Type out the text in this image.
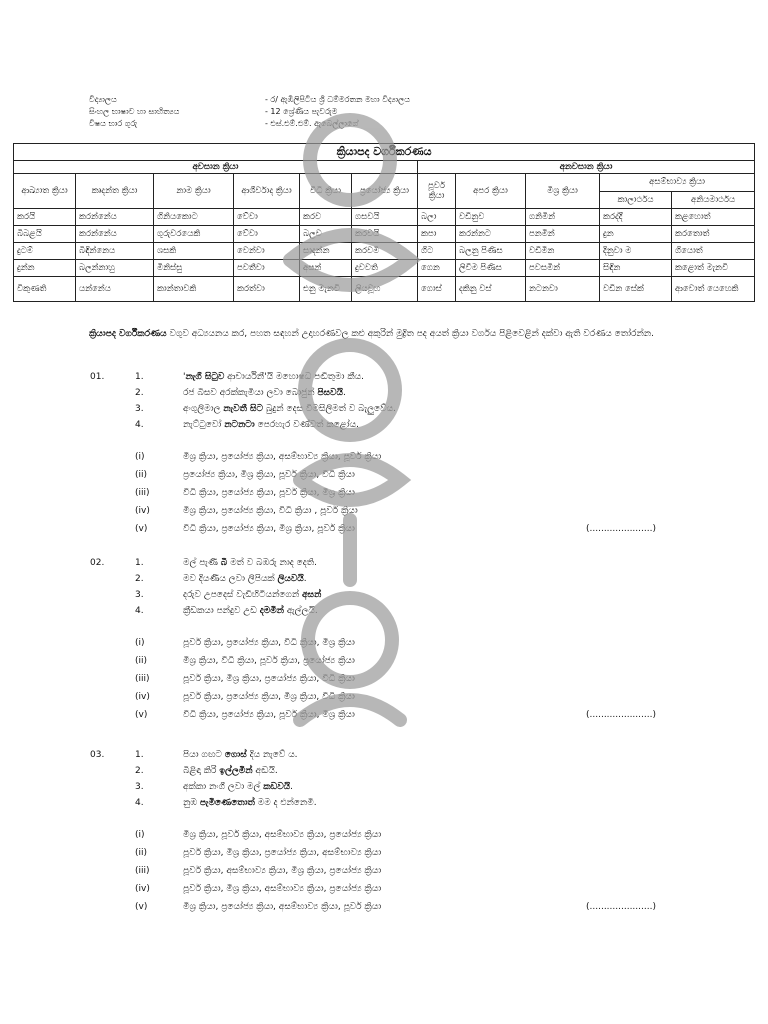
විද්‍යාලය	- ර/ ඇඹිලිපිටිය ශ්‍රී ධම්මරතන මහා විද්‍යාලය
සිංහල භාෂාව හා සාහිත්‍යය	- 12 ශ්‍රේණිය පැවරුම
විෂය භාර ගුරු	- එස්.එම්.එම්. ඇබෙල්ලාගේ
ක්‍රියාපද වර්ගීකරණය										
අවසාන ක්‍රියා						අනවසාන ක්‍රියා				
ආඛ්‍යාත ක්‍රියා	කෘදන්ත ක්‍රියා	නාම ක්‍රියා	ආශීර්වාද ක්‍රියා	විධි ක්‍රියා	ප්‍රයෝජ්‍ය ක්‍රියා	පූර්ව ක්‍රියා	අපර ක්‍රියා	මිශ්‍ර ක්‍රියා	අසම්භාව්‍ය ක්‍රියා	
									කාලාර්ථය	අනියමාර්ථය
කරයි	කරන්නේය	ගිනියකොට	වේවා	කරව	ගසවයි	බලා	වඩිනුව	ගනිමින්	කරද්දී	කළහොත්
බිබළයි	කරන්නේය	ගුරුවරයෙකි	වේවා	බලව	කරවයි	කපා	කරන්නට	පනමින්	දුන	කරතොත්
දුටම්	බිඳින්නෙය	ශසකි	වෙන්වා	සාදන්න	කරවමි	ගිට	බලනු පිණිස	වඩිමින	දිනුවා ම	ගියොත්
දුන්න	බලන්නාහු	මිනිස්සු	පවතීවා	අසන්	දුවවති	ගෙන	ලිවීම පිණිස	පවසමින්	සිඳින	කළොත් මැනවි
විකුණති	යන්නේය	කාන්තාවකි	කරත්වා	එනු මැනවි	ලියවූහ	ගොස්	දකිනු වස්	නටනවා	වඩින සේක්	ආවොත් යෙහෙකි
ක්‍රියාපද වර්ගීකරණය වගුව අධ්‍යයනය කර, පහත සඳහන් උදාහරණවල කළු අකුරින් මුද්‍රිත පද අයත් ක්‍රියා වර්ගය පිළිවෙළින් දක්වා ඇති වරණය තෝරන්න.
01.	1.	'නැගී සිටුව ආචාර්යිනී'යි මහොෂධ පඬිතුමා කීය.
2.	රජ බිසව අරක්කැමියා ලවා බොජුන් පිසවයි.
3.	අංගුලිමාල නැවතී සිට බුදුන් දෙස විමසිලිමත් ව බැලුවේය.
4.	නැට්ටුවෝ නටනටා පෙරහැර වණ්වත් කළෝය.
(i)	මිශ්‍ර ක්‍රියා, ප්‍රයෝජ්‍ය ක්‍රියා, අසම්භාව්‍ය ක්‍රියා, පූර්ව ක්‍රියා
(ii)	ප්‍රයෝජ්‍ය ක්‍රියා, මිශ්‍ර ක්‍රියා, පූර්ව ක්‍රියා, විධි ක්‍රියා
(iii)	විධි ක්‍රියා, ප්‍රයෝජ්‍ය ක්‍රියා, පූර්ව ක්‍රියා, මිශ්‍ර ක්‍රියා
(iv)	මිශ්‍ර ක්‍රියා, ප්‍රයෝජ්‍ය ක්‍රියා, විධි ක්‍රියා , පූර්ව ක්‍රියා
(v)	විධි ක්‍රියා, ප්‍රයෝජ්‍ය ක්‍රියා, මිශ්‍ර ක්‍රියා, පූර්ව ක්‍රියා	(......................)
02.	1.	මල් පැණි බී මත් ව බඹරු නාද දෙති.
2.	මව දියණිය ලවා ලිපියක් ලියවයි.
3.	දරුව උපදෙස් වැඩිහිටියන්ගෙන් අසන්
4.	ක්‍රීඩකයා පන්දුව උඩ දමමින් ඇල්ලයි.
(i)	පූර්ව ක්‍රියා, ප්‍රයෝජ්‍ය ක්‍රියා, විධි ක්‍රියා, මිශ්‍ර ක්‍රියා
(ii)	මිශ්‍ර ක්‍රියා, විධි ක්‍රියා, පූර්ව ක්‍රියා, ප්‍රයෝජ්‍ය ක්‍රියා
(iii)	පූර්ව ක්‍රියා, මිශ්‍ර ක්‍රියා, ප්‍රයෝජ්‍ය ක්‍රියා, විධි ක්‍රියා
(iv)	පූර්ව ක්‍රියා, ප්‍රයෝජ්‍ය ක්‍රියා, මිශ්‍ර ක්‍රියා, විධි ක්‍රියා
(v)	විධි ක්‍රියා, ප්‍රයෝජ්‍ය ක්‍රියා, පූර්ව ක්‍රියා, මිශ්‍ර ක්‍රියා	(......................)
03.	1.	පියා ගඟට ගොස් දිය නැවේ ය.
2.	බිළිඳා කිරි ඉල්ලමින් අඬයි.
3.	අක්කා නංගී ලවා මල් කඩවයි.
4.	නුඹ පැමිණෙතොත් මම ද එන්නෙමි.
(i)	මිශ්‍ර ක්‍රියා, පූර්ව ක්‍රියා, අසම්භාව්‍ය ක්‍රියා, ප්‍රයෝජ්‍ය ක්‍රියා
(ii)	පූර්ව ක්‍රියා, මිශ්‍ර ක්‍රියා, ප්‍රයෝජ්‍ය ක්‍රියා, අසම්භාව්‍ය ක්‍රියා
(iii)	පූර්ව ක්‍රියා, අසම්භාව්‍ය ක්‍රියා, මිශ්‍ර ක්‍රියා, ප්‍රයෝජ්‍ය ක්‍රියා
(iv)	පූර්ව ක්‍රියා, මිශ්‍ර ක්‍රියා, අසම්භාව්‍ය ක්‍රියා, ප්‍රයෝජ්‍ය ක්‍රියා
(v)	මිශ්‍ර ක්‍රියා, ප්‍රයෝජ්‍ය ක්‍රියා, අසම්භාව්‍ය ක්‍රියා, පූර්ව ක්‍රියා	(......................)
